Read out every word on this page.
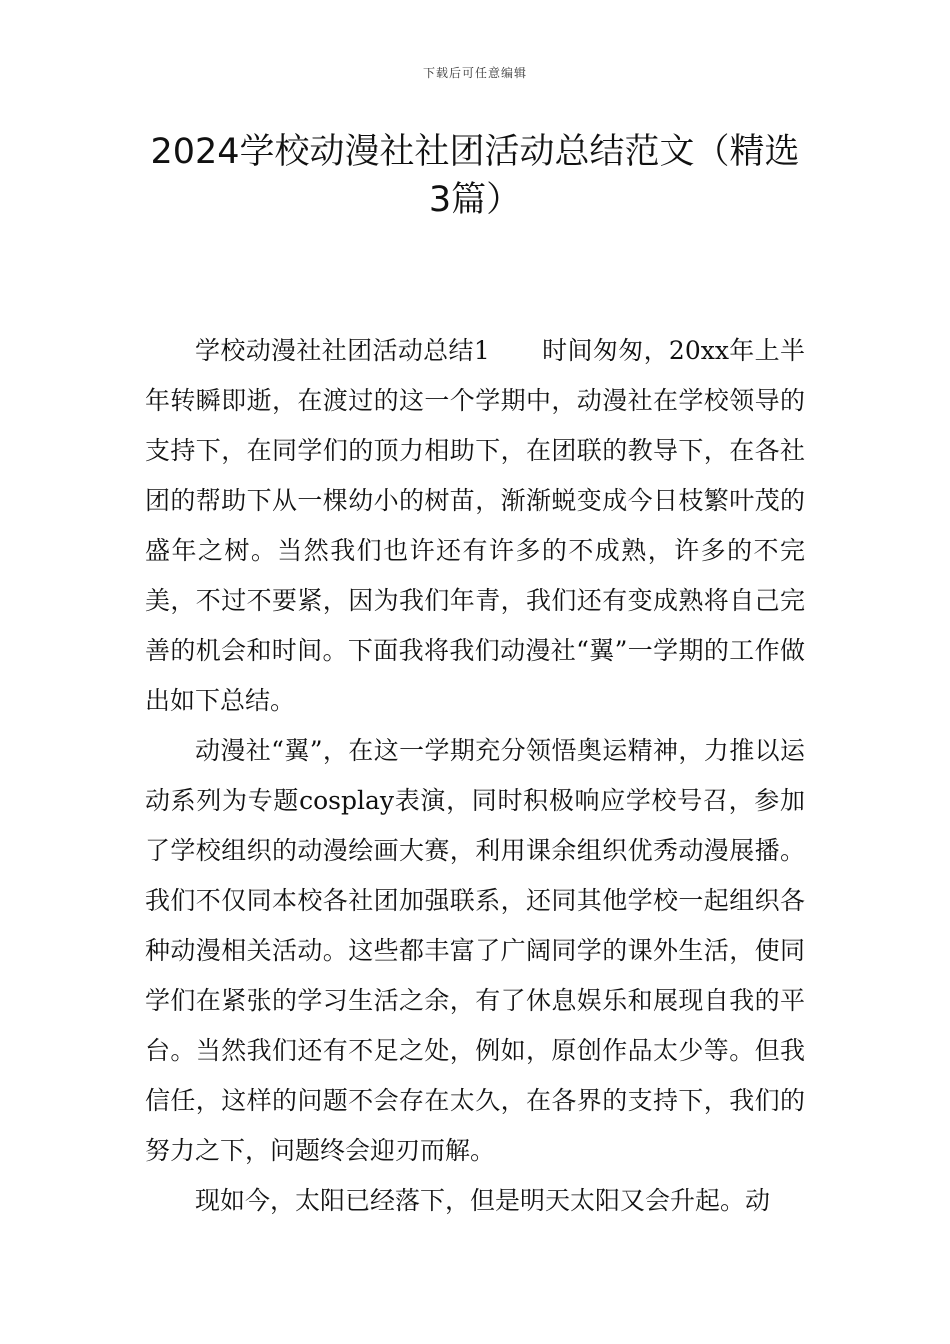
下载后可任意编辑
2024学校动漫社社团活动总结范文（精选3篇）

学校动漫社社团活动总结1 时间匆匆，20xx年上半年转瞬即逝，在渡过的这一个学期中，动漫社在学校领导的支持下，在同学们的顶力相助下，在团联的教导下，在各社团的帮助下从一棵幼小的树苗，渐渐蜕变成今日枝繁叶茂的盛年之树。当然我们也许还有许多的不成熟，许多的不完美，不过不要紧，因为我们年青，我们还有变成熟将自己完善的机会和时间。下面我将我们动漫社“翼”一学期的工作做出如下总结。

动漫社“翼”，在这一学期充分领悟奥运精神，力推以运动系列为专题cosplay表演，同时积极响应学校号召，参加了学校组织的动漫绘画大赛，利用课余组织优秀动漫展播。我们不仅同本校各社团加强联系，还同其他学校一起组织各种动漫相关活动。这些都丰富了广阔同学的课外生活，使同学们在紧张的学习生活之余，有了休息娱乐和展现自我的平台。当然我们还有不足之处，例如，原创作品太少等。但我信任，这样的问题不会存在太久，在各界的支持下，我们的努力之下，问题终会迎刃而解。

现如今，太阳已经落下，但是明天太阳又会升起。动
